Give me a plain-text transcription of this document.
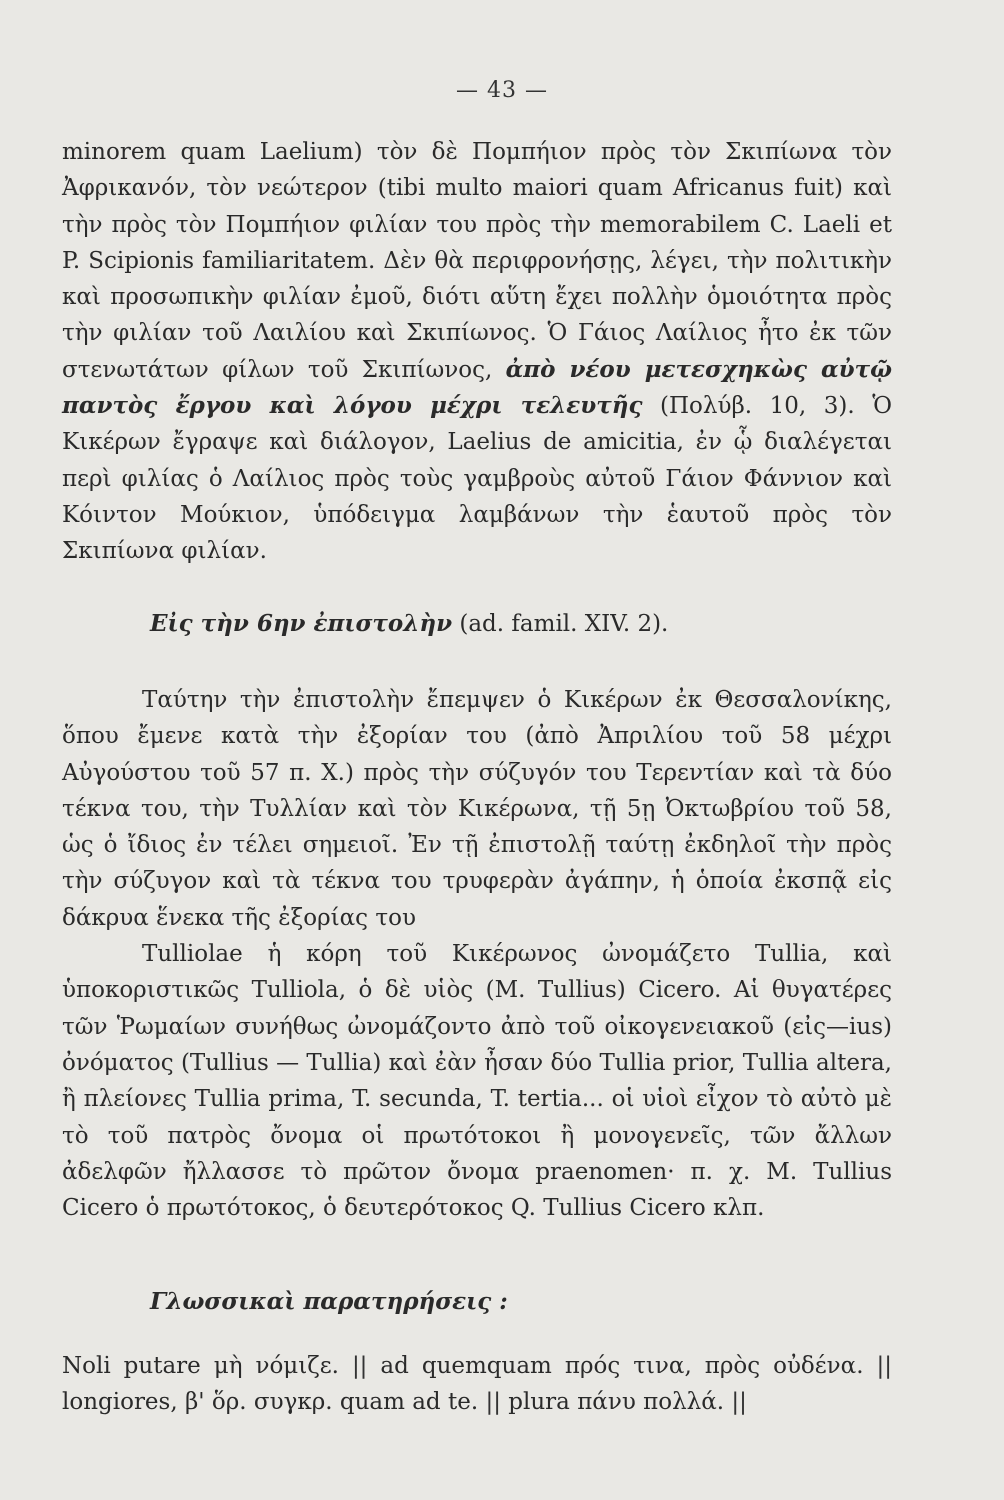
— 43 —

minorem quam Laelium) τὸν δὲ Πομπήιον πρὸς τὸν Σκιπίωνα τὸν Ἀφρικανόν, τὸν νεώτερον (tibi multo maiori quam Africanus fuit) καὶ τὴν πρὸς τὸν Πομπήιον φιλίαν του πρὸς τὴν memorabilem C. Laeli et P. Scipionis familiaritatem. Δὲν θὰ περιφρονήσῃς, λέγει, τὴν πολιτικὴν καὶ προσωπικὴν φιλίαν ἐμοῦ, διότι αὕτη ἔχει πολλὴν ὁμοιότητα πρὸς τὴν φιλίαν τοῦ Λαιλίου καὶ Σκιπίωνος. Ὁ Γάιος Λαίλιος ἦτο ἐκ τῶν στενωτάτων φίλων τοῦ Σκιπίωνος, ἀπὸ νέου μετεσχηκὼς αὐτῷ παντὸς ἔργου καὶ λόγου μέχρι τελευτῆς (Πολύβ. 10, 3). Ὁ Κικέρων ἔγραψε καὶ διάλογον, Laelius de amicitia, ἐν ᾧ διαλέγεται περὶ φιλίας ὁ Λαίλιος πρὸς τοὺς γαμβροὺς αὐτοῦ Γάιον Φάννιον καὶ Κόιντον Μούκιον, ὑπόδειγμα λαμβάνων τὴν ἑαυτοῦ πρὸς τὸν Σκιπίωνα φιλίαν.

Εἰς τὴν 6ην ἐπιστολὴν (ad. famil. XIV. 2).

Ταύτην τὴν ἐπιστολὴν ἔπεμψεν ὁ Κικέρων ἐκ Θεσσαλονίκης, ὅπου ἔμενε κατὰ τὴν ἐξορίαν του (ἀπὸ Ἀπριλίου τοῦ 58 μέχρι Αὐγούστου τοῦ 57 π. Χ.) πρὸς τὴν σύζυγόν του Τερεντίαν καὶ τὰ δύο τέκνα του, τὴν Τυλλίαν καὶ τὸν Κικέρωνα, τῇ 5ῃ Ὀκτωβρίου τοῦ 58, ὡς ὁ ἴδιος ἐν τέλει σημειοῖ. Ἐν τῇ ἐπιστολῇ ταύτῃ ἐκδηλοῖ τὴν πρὸς τὴν σύζυγον καὶ τὰ τέκνα του τρυφερὰν ἀγάπην, ἡ ὁποία ἐκσπᾷ εἰς δάκρυα ἕνεκα τῆς ἐξορίας του

Tulliolae ἡ κόρη τοῦ Κικέρωνος ὠνομάζετο Tullia, καὶ ὑποκοριστικῶς Tulliola, ὁ δὲ υἱὸς (M. Tullius) Cicero. Αἱ θυγατέρες τῶν Ῥωμαίων συνήθως ὠνομάζοντο ἀπὸ τοῦ οἰκογενειακοῦ (εἰς—ius) ὀνόματος (Tullius — Tullia) καὶ ἐὰν ἦσαν δύο Tullia prior, Tullia altera, ἢ πλείονες Tullia prima, T. secunda, T. tertia... οἱ υἱοὶ εἶχον τὸ αὐτὸ μὲ τὸ τοῦ πατρὸς ὄνομα οἱ πρωτότοκοι ἢ μονογενεῖς, τῶν ἄλλων ἀδελφῶν ἤλλασσε τὸ πρῶτον ὄνομα praenomen· π. χ. M. Tullius Cicero ὁ πρωτότοκος, ὁ δευτερότοκος Q. Tullius Cicero κλπ.

Γλωσσικαὶ παρατηρήσεις :

Noli putare μὴ νόμιζε. || ad quemquam πρός τινα, πρὸς οὐδένα. || longiores, β' ὅρ. συγκρ. quam ad te. || plura πάνυ πολλά. ||
